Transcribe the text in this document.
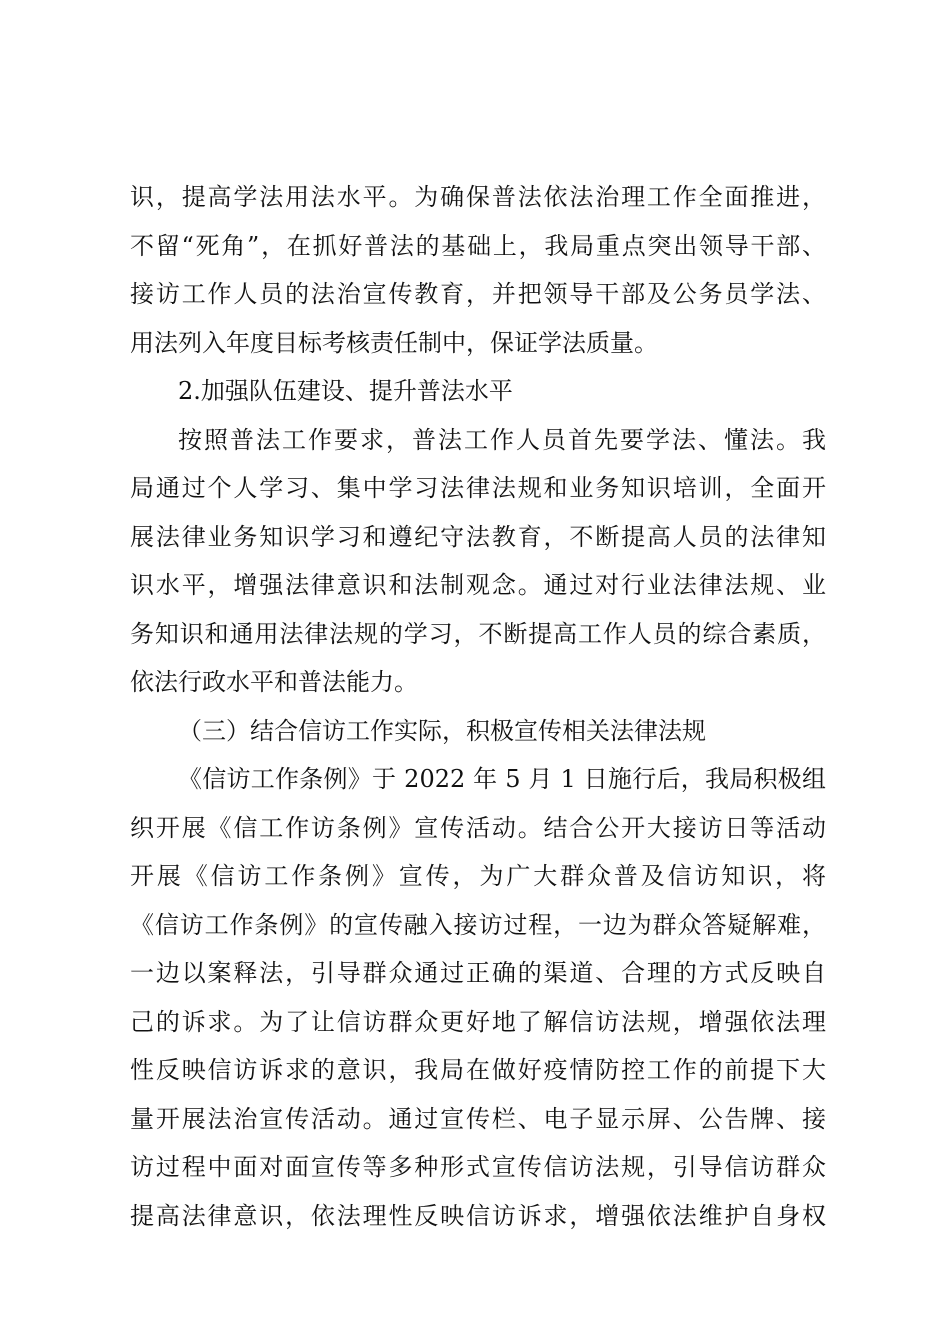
识，提高学法用法水平。为确保普法依法治理工作全面推进，
不留“死角”，在抓好普法的基础上，我局重点突出领导干部、
接访工作人员的法治宣传教育，并把领导干部及公务员学法、
用法列入年度目标考核责任制中，保证学法质量。
2.加强队伍建设、提升普法水平
按照普法工作要求，普法工作人员首先要学法、懂法。我
局通过个人学习、集中学习法律法规和业务知识培训，全面开
展法律业务知识学习和遵纪守法教育，不断提高人员的法律知
识水平，增强法律意识和法制观念。通过对行业法律法规、业
务知识和通用法律法规的学习，不断提高工作人员的综合素质，
依法行政水平和普法能力。
（三）结合信访工作实际，积极宣传相关法律法规
《信访工作条例》于 2022 年 5 月 1 日施行后，我局积极组
织开展《信工作访条例》宣传活动。结合公开大接访日等活动
开展《信访工作条例》宣传，为广大群众普及信访知识，将
《信访工作条例》的宣传融入接访过程，一边为群众答疑解难，
一边以案释法，引导群众通过正确的渠道、合理的方式反映自
己的诉求。为了让信访群众更好地了解信访法规，增强依法理
性反映信访诉求的意识，我局在做好疫情防控工作的前提下大
量开展法治宣传活动。通过宣传栏、电子显示屏、公告牌、接
访过程中面对面宣传等多种形式宣传信访法规，引导信访群众
提高法律意识，依法理性反映信访诉求，增强依法维护自身权
